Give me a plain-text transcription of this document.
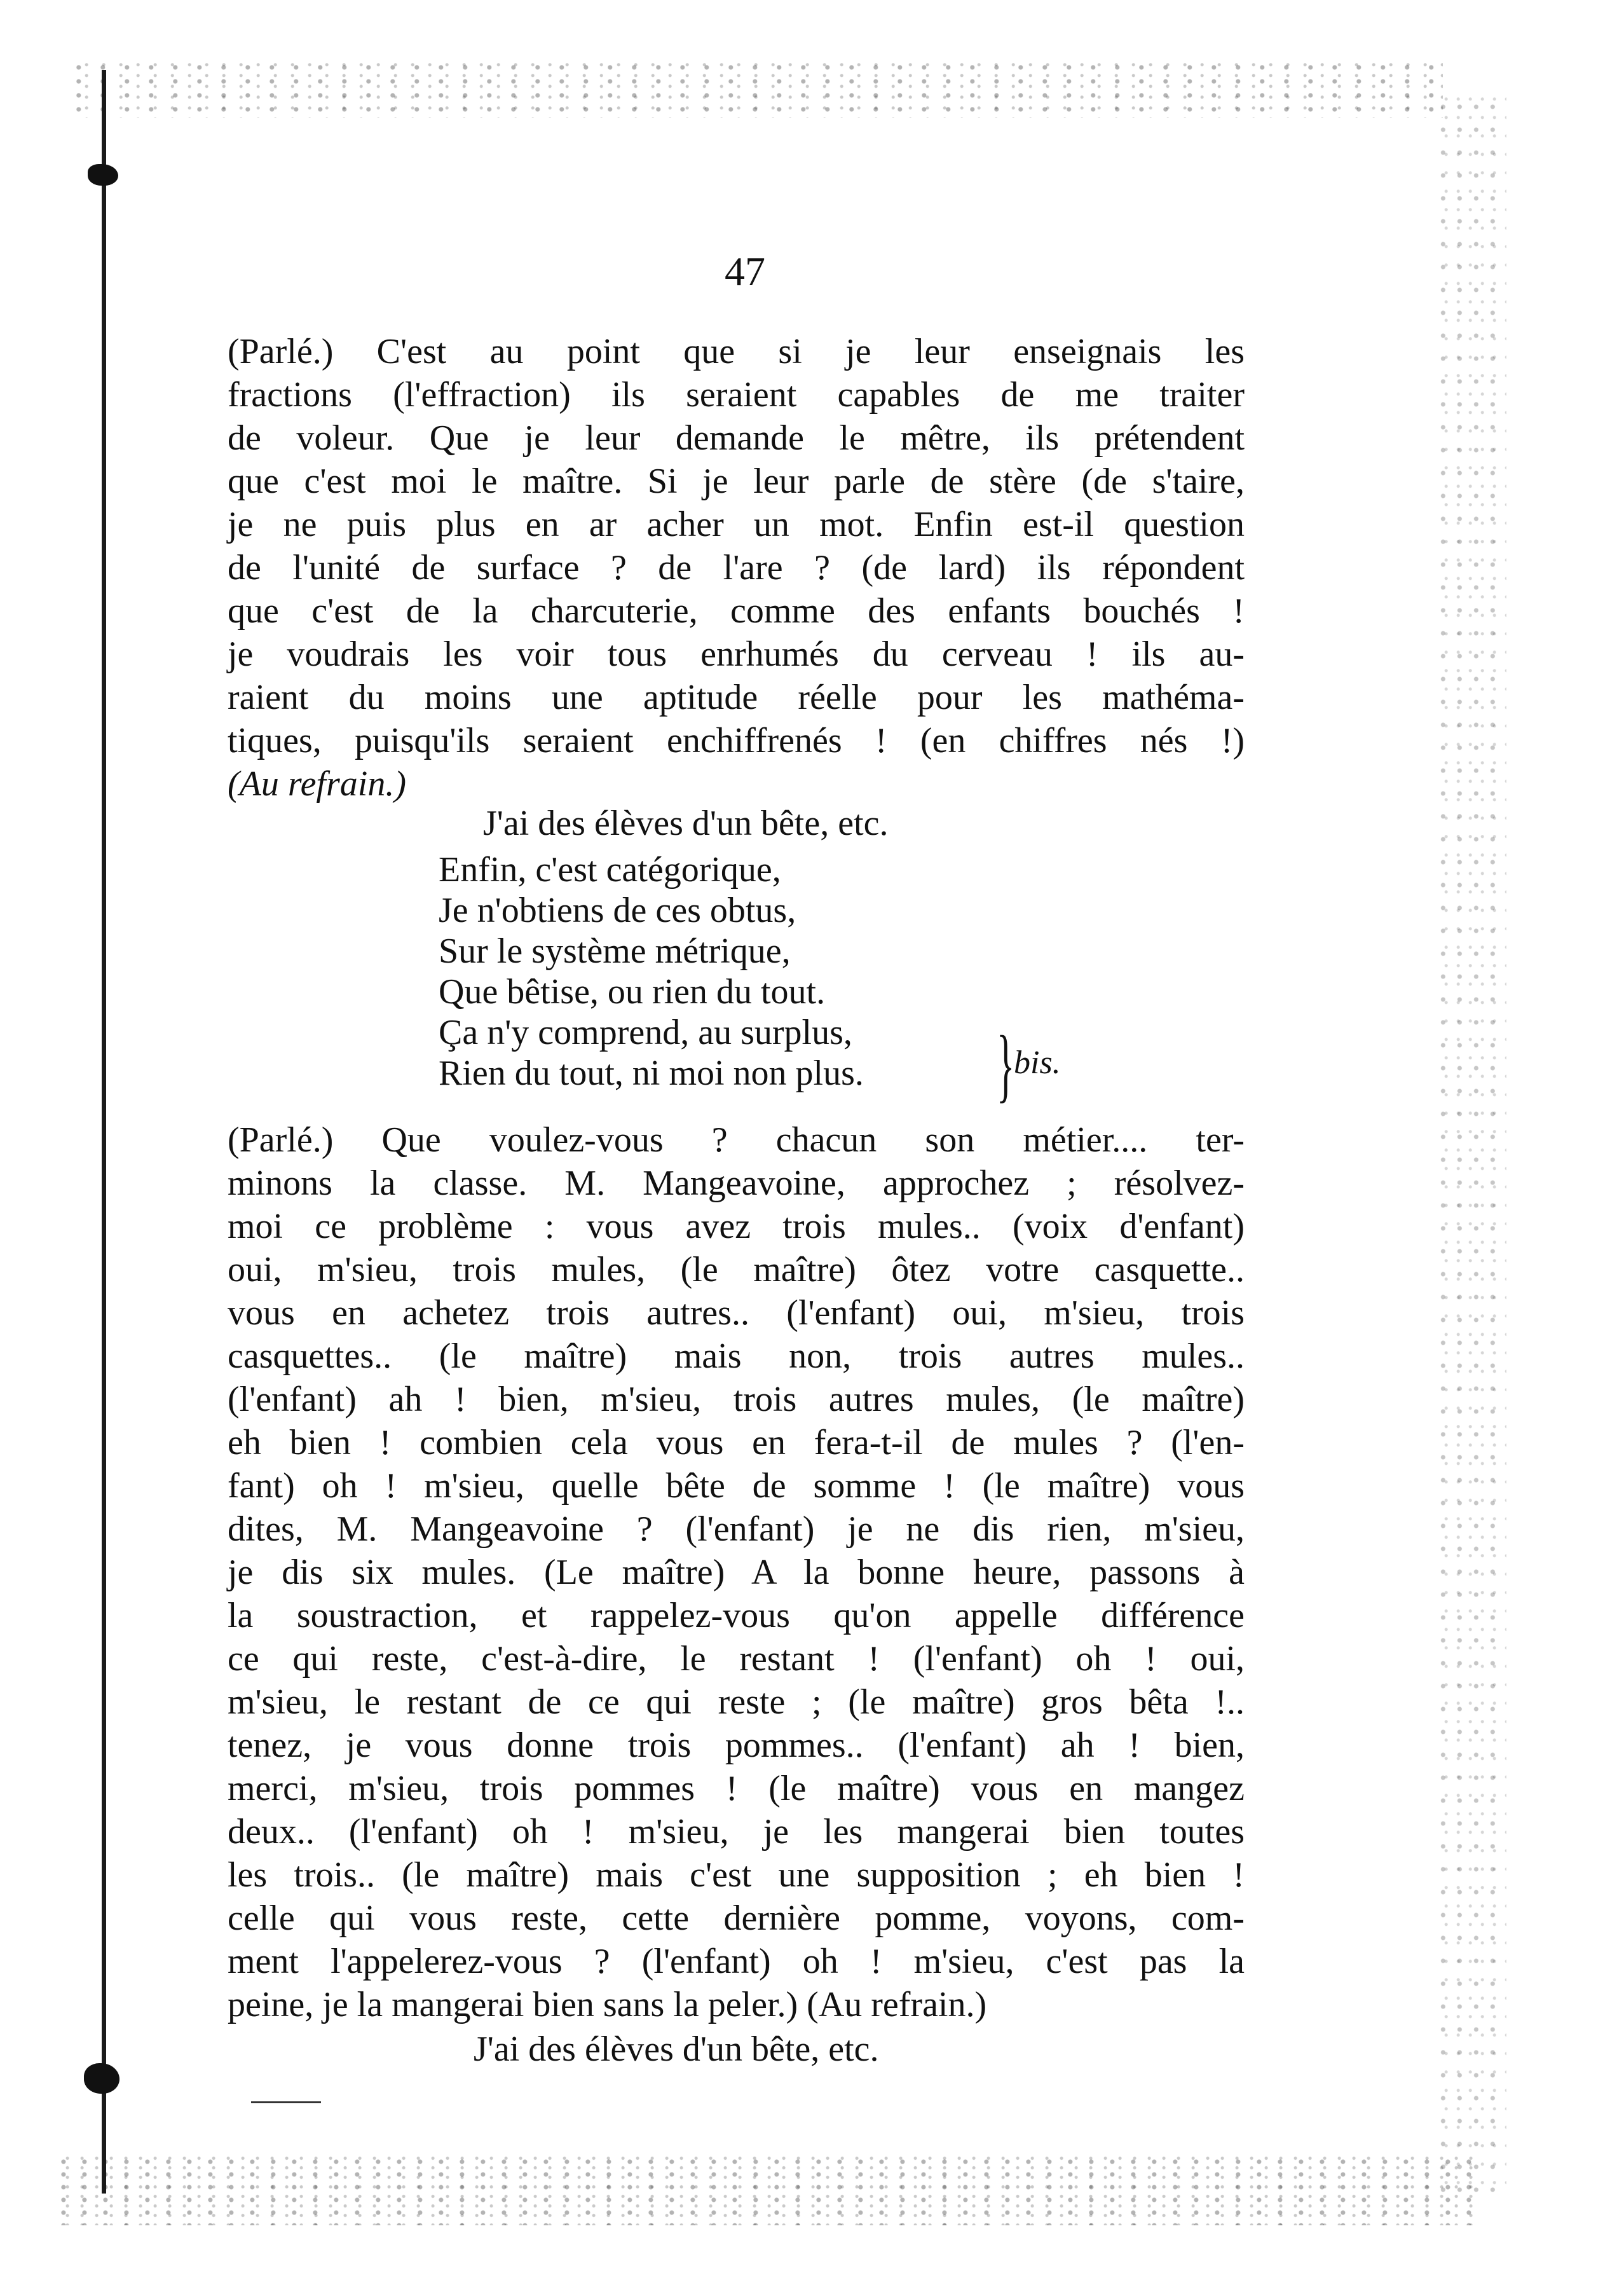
47
(Parlé.) C'est au point que si je leur enseignais les
fractions (l'effraction) ils seraient capables de me traiter
de voleur. Que je leur demande le mêtre, ils prétendent
que c'est moi le maître. Si je leur parle de stère (de s'taire,
je ne puis plus en ar acher un mot. Enfin est-il question
de l'unité de surface ? de l'are ? (de lard) ils répondent
que c'est de la charcuterie, comme des enfants bouchés !
je voudrais les voir tous enrhumés du cerveau ! ils au-
raient du moins une aptitude réelle pour les mathéma-
tiques, puisqu'ils seraient enchiffrenés ! (en chiffres nés !)
(Au refrain.)
J'ai des élèves d'un bête, etc.
Enfin, c'est catégorique,
Je n'obtiens de ces obtus,
Sur le système métrique,
Que bêtise, ou rien du tout.
Ça n'y comprend, au surplus,
Rien du tout, ni moi non plus. }
bis.
(Parlé.) Que voulez-vous ? chacun son métier.... ter-
minons la classe. M. Mangeavoine, approchez ; résolvez-
moi ce problème : vous avez trois mules.. (voix d'enfant)
oui, m'sieu, trois mules, (le maître) ôtez votre casquette..
vous en achetez trois autres.. (l'enfant) oui, m'sieu, trois
casquettes.. (le maître) mais non, trois autres mules..
(l'enfant) ah ! bien, m'sieu, trois autres mules, (le maître)
eh bien ! combien cela vous en fera-t-il de mules ? (l'en-
fant) oh ! m'sieu, quelle bête de somme ! (le maître) vous
dites, M. Mangeavoine ? (l'enfant) je ne dis rien, m'sieu,
je dis six mules. (Le maître) A la bonne heure, passons à
la soustraction, et rappelez-vous qu'on appelle différence
ce qui reste, c'est-à-dire, le restant ! (l'enfant) oh ! oui,
m'sieu, le restant de ce qui reste ; (le maître) gros bêta !..
tenez, je vous donne trois pommes.. (l'enfant) ah ! bien,
merci, m'sieu, trois pommes ! (le maître) vous en mangez
deux.. (l'enfant) oh ! m'sieu, je les mangerai bien toutes
les trois.. (le maître) mais c'est une supposition ; eh bien !
celle qui vous reste, cette dernière pomme, voyons, com-
ment l'appelerez-vous ? (l'enfant) oh ! m'sieu, c'est pas la
peine, je la mangerai bien sans la peler.) (Au refrain.)
J'ai des élèves d'un bête, etc.
